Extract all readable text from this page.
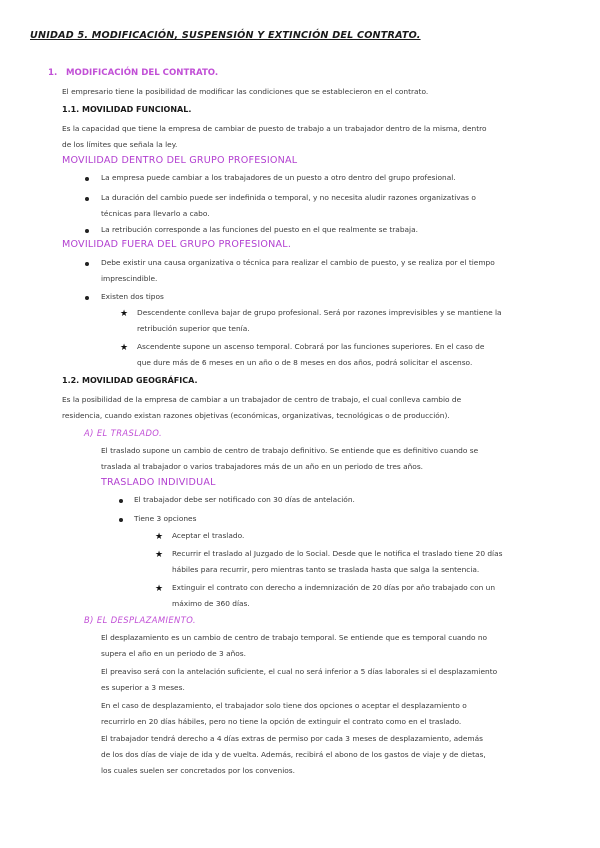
UNIDAD 5. MODIFICACIÓN, SUSPENSIÓN Y EXTINCIÓN DEL CONTRATO.
1. MODIFICACIÓN DEL CONTRATO.
El empresario tiene la posibilidad de modificar las condiciones que se establecieron en el contrato.
1.1. MOVILIDAD FUNCIONAL.
Es la capacidad que tiene la empresa de cambiar de puesto de trabajo a un trabajador dentro de la misma, dentro
de los límites que señala la ley.
MOVILIDAD DENTRO DEL GRUPO PROFESIONAL
La empresa puede cambiar a los trabajadores de un puesto a otro dentro del grupo profesional.
La duración del cambio puede ser indefinida o temporal, y no necesita aludir razones organizativas o
técnicas para llevarlo a cabo.
La retribución corresponde a las funciones del puesto en el que realmente se trabaja.
MOVILIDAD FUERA DEL GRUPO PROFESIONAL.
Debe existir una causa organizativa o técnica para realizar el cambio de puesto, y se realiza por el tiempo
imprescindible.
Existen dos tipos
★ Descendente conlleva bajar de grupo profesional. Será por razones imprevisibles y se mantiene la
retribución superior que tenía.
★ Ascendente supone un ascenso temporal. Cobrará por las funciones superiores. En el caso de
que dure más de 6 meses en un año o de 8 meses en dos años, podrá solicitar el ascenso.
1.2. MOVILIDAD GEOGRÁFICA.
Es la posibilidad de la empresa de cambiar a un trabajador de centro de trabajo, el cual conlleva cambio de
residencia, cuando existan razones objetivas (económicas, organizativas, tecnológicas o de producción).
A) EL TRASLADO.
El traslado supone un cambio de centro de trabajo definitivo. Se entiende que es definitivo cuando se
traslada al trabajador o varios trabajadores más de un año en un periodo de tres años.
TRASLADO INDIVIDUAL
El trabajador debe ser notificado con 30 días de antelación.
Tiene 3 opciones
★ Aceptar el traslado.
★ Recurrir el traslado al Juzgado de lo Social. Desde que le notifica el traslado tiene 20 días
hábiles para recurrir, pero mientras tanto se traslada hasta que salga la sentencia.
★ Extinguir el contrato con derecho a indemnización de 20 días por año trabajado con un
máximo de 360 días.
B) EL DESPLAZAMIENTO.
El desplazamiento es un cambio de centro de trabajo temporal. Se entiende que es temporal cuando no
supera el año en un periodo de 3 años.
El preaviso será con la antelación suficiente, el cual no será inferior a 5 días laborales si el desplazamiento
es superior a 3 meses.
En el caso de desplazamiento, el trabajador solo tiene dos opciones o aceptar el desplazamiento o
recurrirlo en 20 días hábiles, pero no tiene la opción de extinguir el contrato como en el traslado.
El trabajador tendrá derecho a 4 días extras de permiso por cada 3 meses de desplazamiento, además
de los dos días de viaje de ida y de vuelta. Además, recibirá el abono de los gastos de viaje y de dietas,
los cuales suelen ser concretados por los convenios.
